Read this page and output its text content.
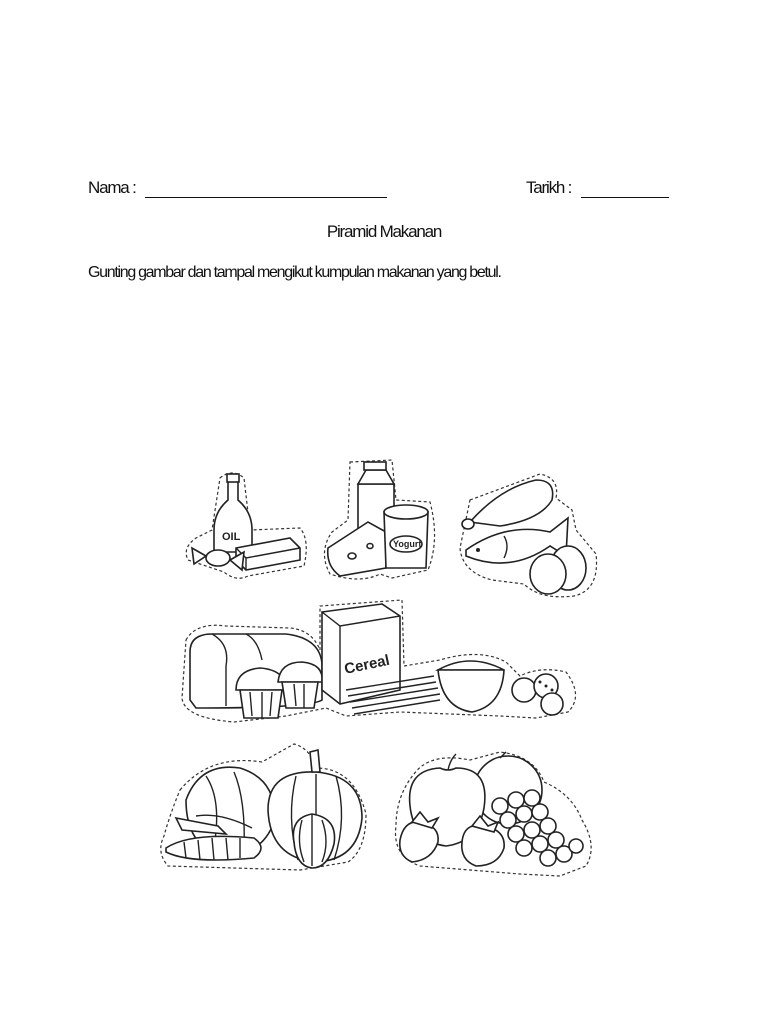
Nama :	Tarikh :
Piramid Makanan
Gunting gambar dan tampal mengikut kumpulan makanan yang betul.
OIL
Yogurt
Cereal
